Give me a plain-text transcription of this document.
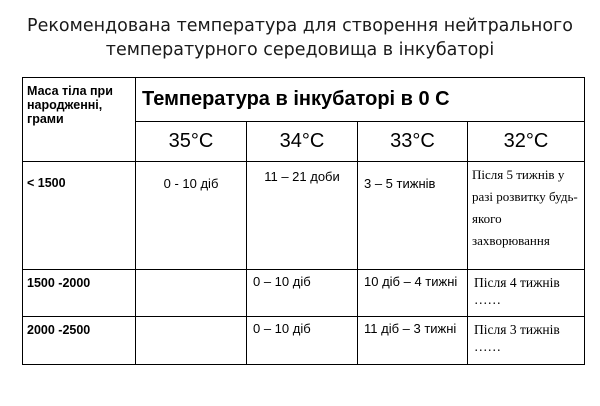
Рекомендована температура для створення нейтрального
температурного середовища в інкубаторі
Маса тіла при народженні, грами	Температура в інкубаторі в 0 С			
	35°C	34°C	33°C	32°C
< 1500	0 - 10 діб	11 – 21 доби	3 – 5 тижнів	Після 5 тижнів у разі розвитку будь-якого захворювання
1500 -2000		0 – 10 діб	10 діб – 4 тижні	Після 4 тижнів ……
2000 -2500		0 – 10 діб	11 діб – 3 тижні	Після 3 тижнів ……
